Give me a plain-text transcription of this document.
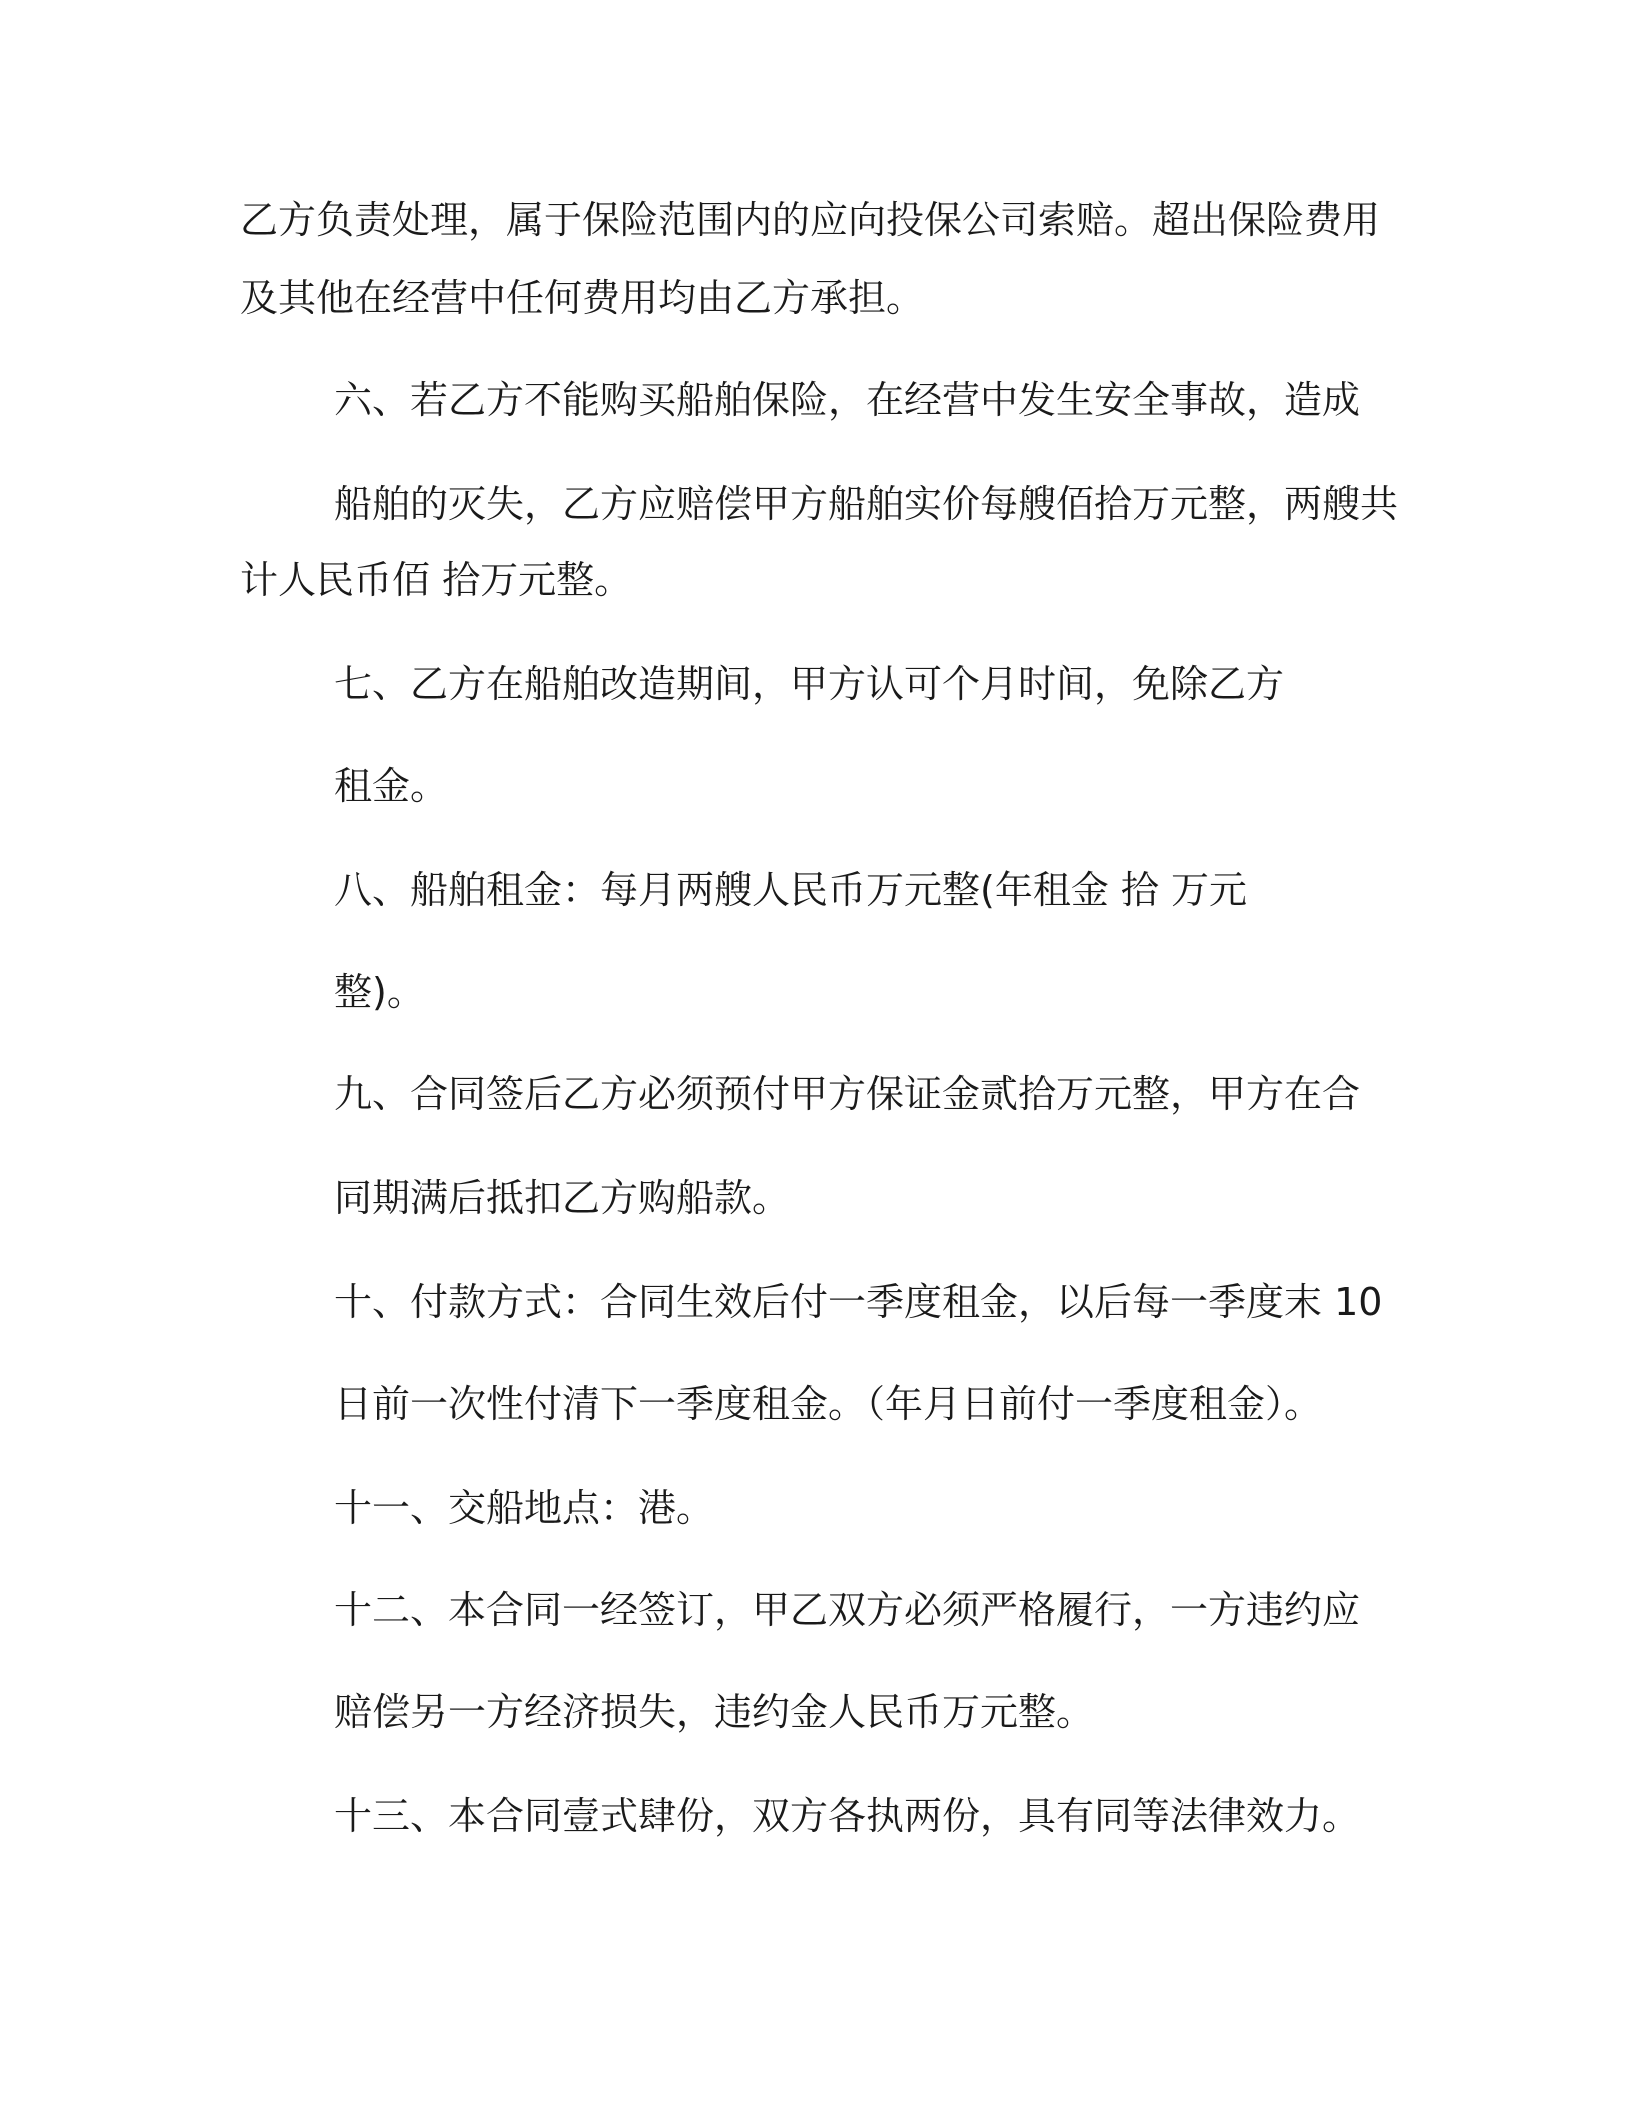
乙方负责处理，属于保险范围内的应向投保公司索赔。超出保险费用
及其他在经营中任何费用均由乙方承担。
六、若乙方不能购买船舶保险，在经营中发生安全事故，造成
船舶的灭失，乙方应赔偿甲方船舶实价每艘佰拾万元整，两艘共
计人民币佰 拾万元整。
七、乙方在船舶改造期间，甲方认可个月时间，免除乙方
租金。
八、船舶租金：每月两艘人民币万元整(年租金 拾 万元
整)。
九、合同签后乙方必须预付甲方保证金贰拾万元整，甲方在合
同期满后抵扣乙方购船款。
十、付款方式：合同生效后付一季度租金，以后每一季度末 10
日前一次性付清下一季度租金。（年月日前付一季度租金）。
十一、交船地点：港。
十二、本合同一经签订，甲乙双方必须严格履行，一方违约应
赔偿另一方经济损失，违约金人民币万元整。
十三、本合同壹式肆份，双方各执两份，具有同等法律效力。
